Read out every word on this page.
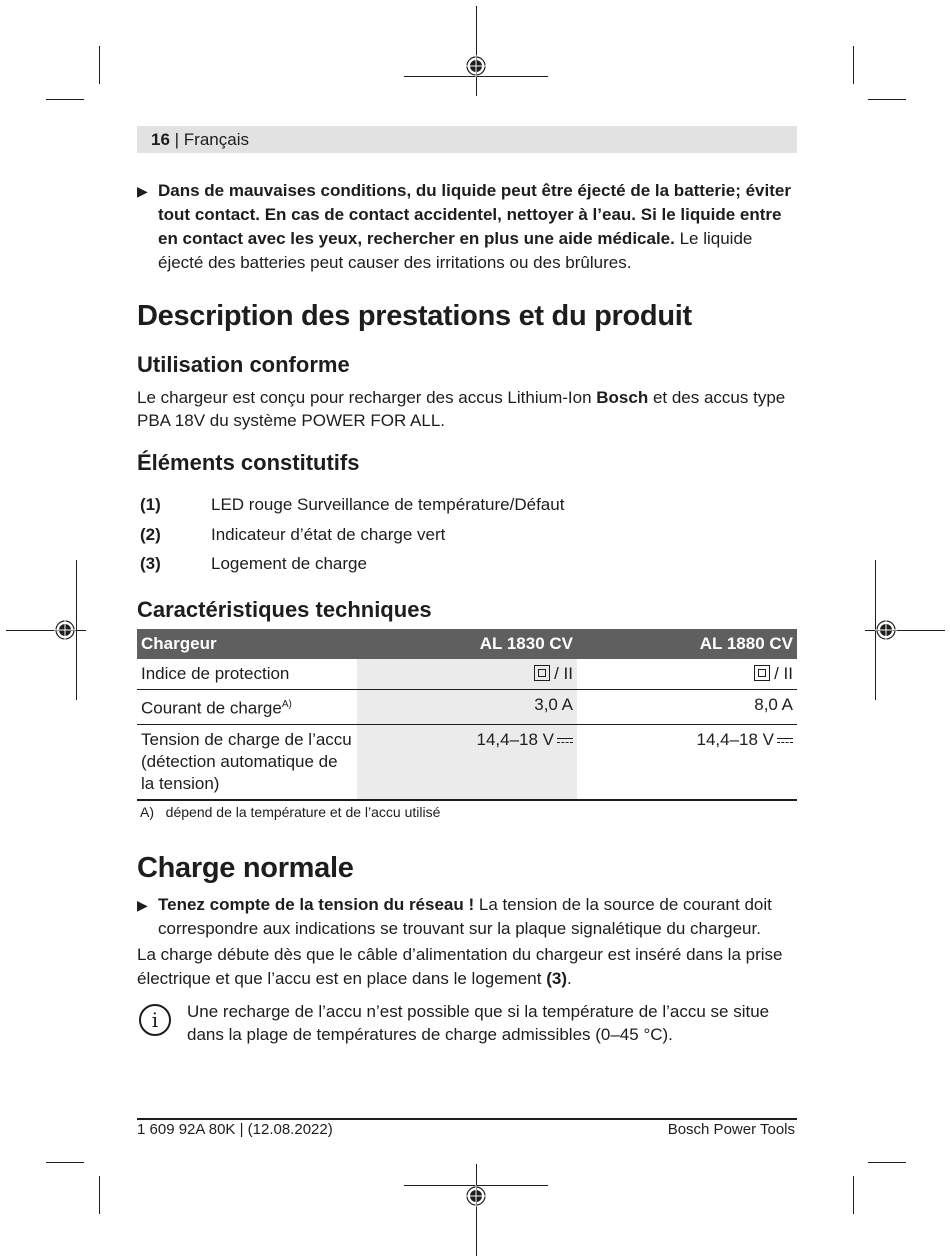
16 | Français
▶ Dans de mauvaises conditions, du liquide peut être éjecté de la batterie; éviter tout contact. En cas de contact accidentel, nettoyer à l’eau. Si le liquide entre en contact avec les yeux, rechercher en plus une aide médicale. Le liquide éjecté des batteries peut causer des irritations ou des brûlures.
Description des prestations et du produit
Utilisation conforme
Le chargeur est conçu pour recharger des accus Lithium-Ion Bosch et des accus type PBA 18V du système POWER FOR ALL.
Éléments constitutifs
(1)	LED rouge Surveillance de température/Défaut
(2)	Indicateur d’état de charge vert
(3)	Logement de charge
Caractéristiques techniques
Chargeur	AL 1830 CV	AL 1880 CV
Indice de protection	/ II	/ II
Courant de charge$^{A)}$	3,0 A	8,0 A
Tension de charge de l’accu (détection automatique de la tension)	14,4–18 V	14,4–18 V
A) dépend de la température et de l’accu utilisé
Charge normale
▶ Tenez compte de la tension du réseau ! La tension de la source de courant doit correspondre aux indications se trouvant sur la plaque signalétique du chargeur.
La charge débute dès que le câble d’alimentation du chargeur est inséré dans la prise électrique et que l’accu est en place dans le logement (3).
i	Une recharge de l’accu n’est possible que si la température de l’accu se situe dans la plage de températures de charge admissibles (0–45 °C).
1 609 92A 80K | (12.08.2022)	Bosch Power Tools
